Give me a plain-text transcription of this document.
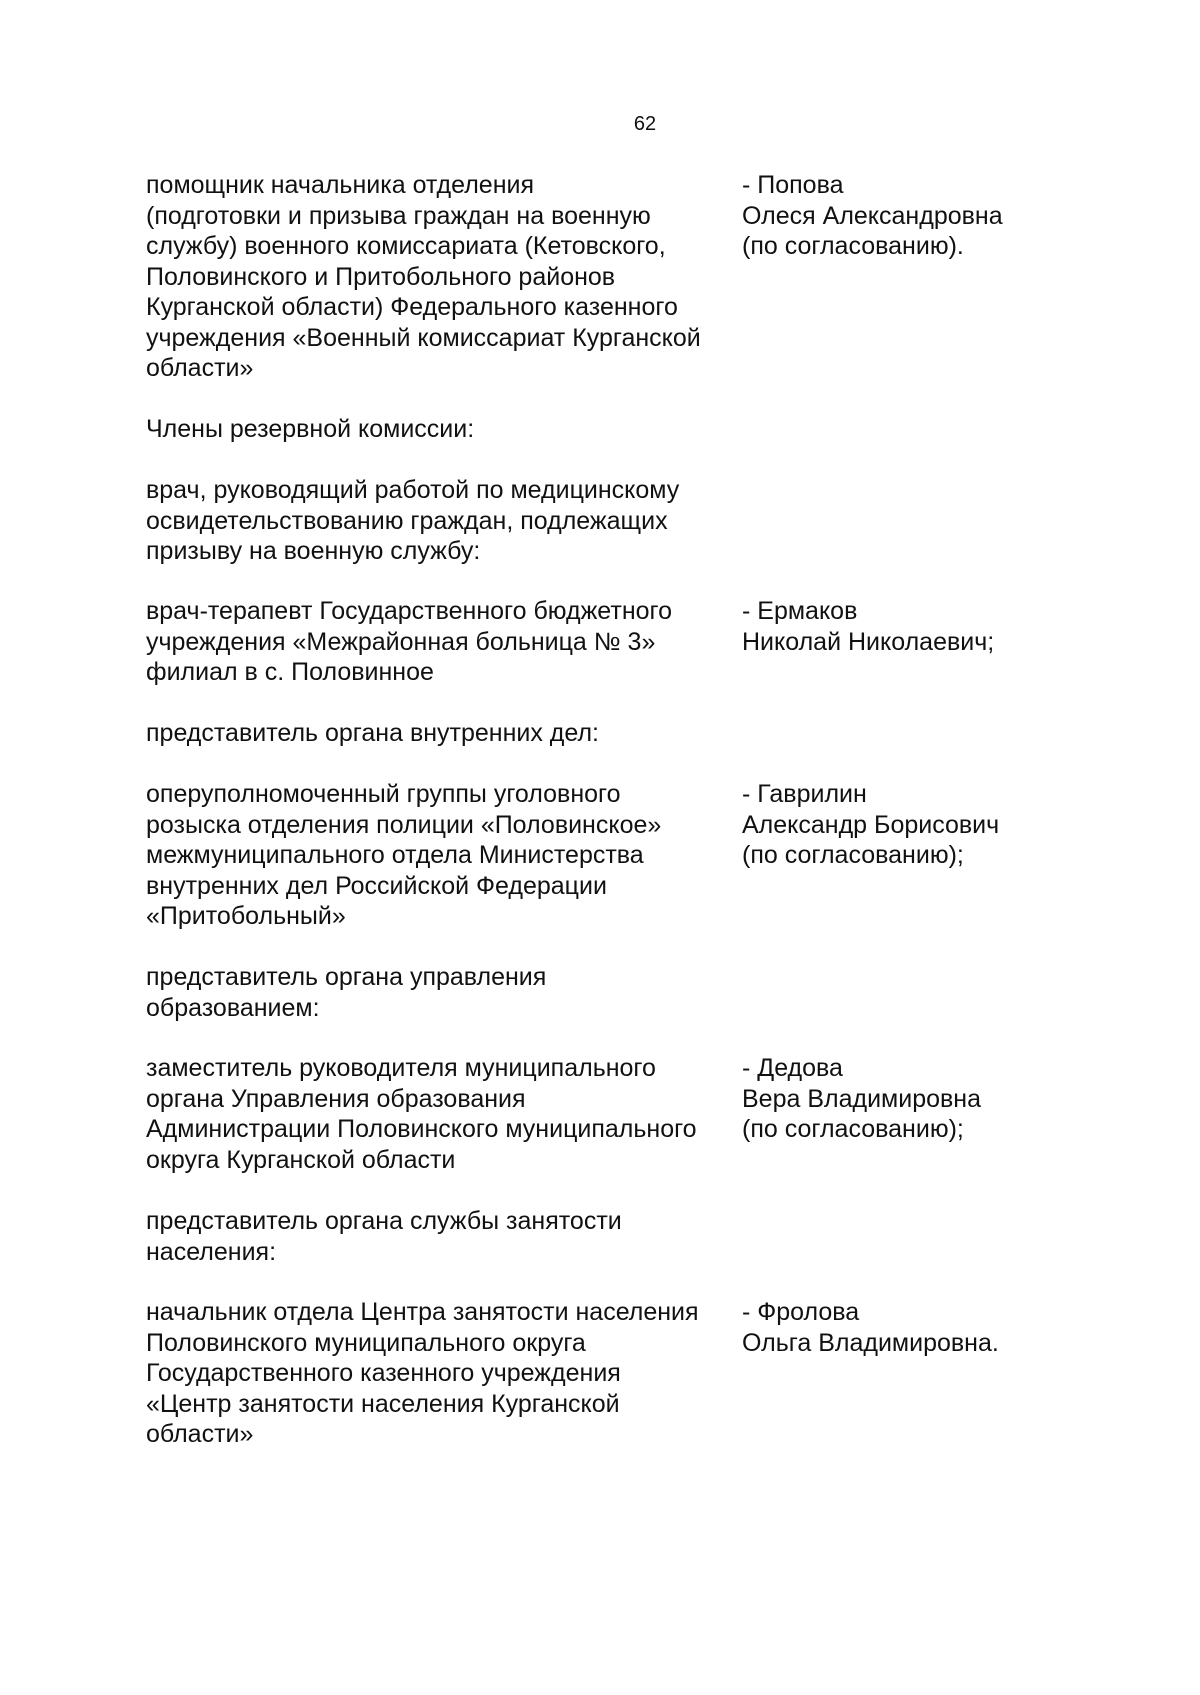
62
помощник начальника отделения
(подготовки и призыва граждан на военную
службу) военного комиссариата (Кетовского,
Половинского и Притобольного районов
Курганской области) Федерального казенного
учреждения «Военный комиссариат Курганской
области»
- Попова
Олеся Александровна
(по согласованию).
Члены резервной комиссии:
врач, руководящий работой по медицинскому
освидетельствованию граждан, подлежащих
призыву на военную службу:
врач-терапевт Государственного бюджетного
учреждения «Межрайонная больница № 3»
филиал в с. Половинное
- Ермаков
Николай Николаевич;
представитель органа внутренних дел:
оперуполномоченный группы уголовного
розыска отделения полиции «Половинское»
межмуниципального отдела Министерства
внутренних дел Российской Федерации
«Притобольный»
- Гаврилин
Александр Борисович
(по согласованию);
представитель органа управления
образованием:
заместитель руководителя муниципального
органа Управления образования
Администрации Половинского муниципального
округа Курганской области
- Дедова
Вера Владимировна
(по согласованию);
представитель органа службы занятости
населения:
начальник отдела Центра занятости населения
Половинского муниципального округа
Государственного казенного учреждения
«Центр занятости населения Курганской
области»
- Фролова
Ольга Владимировна.
